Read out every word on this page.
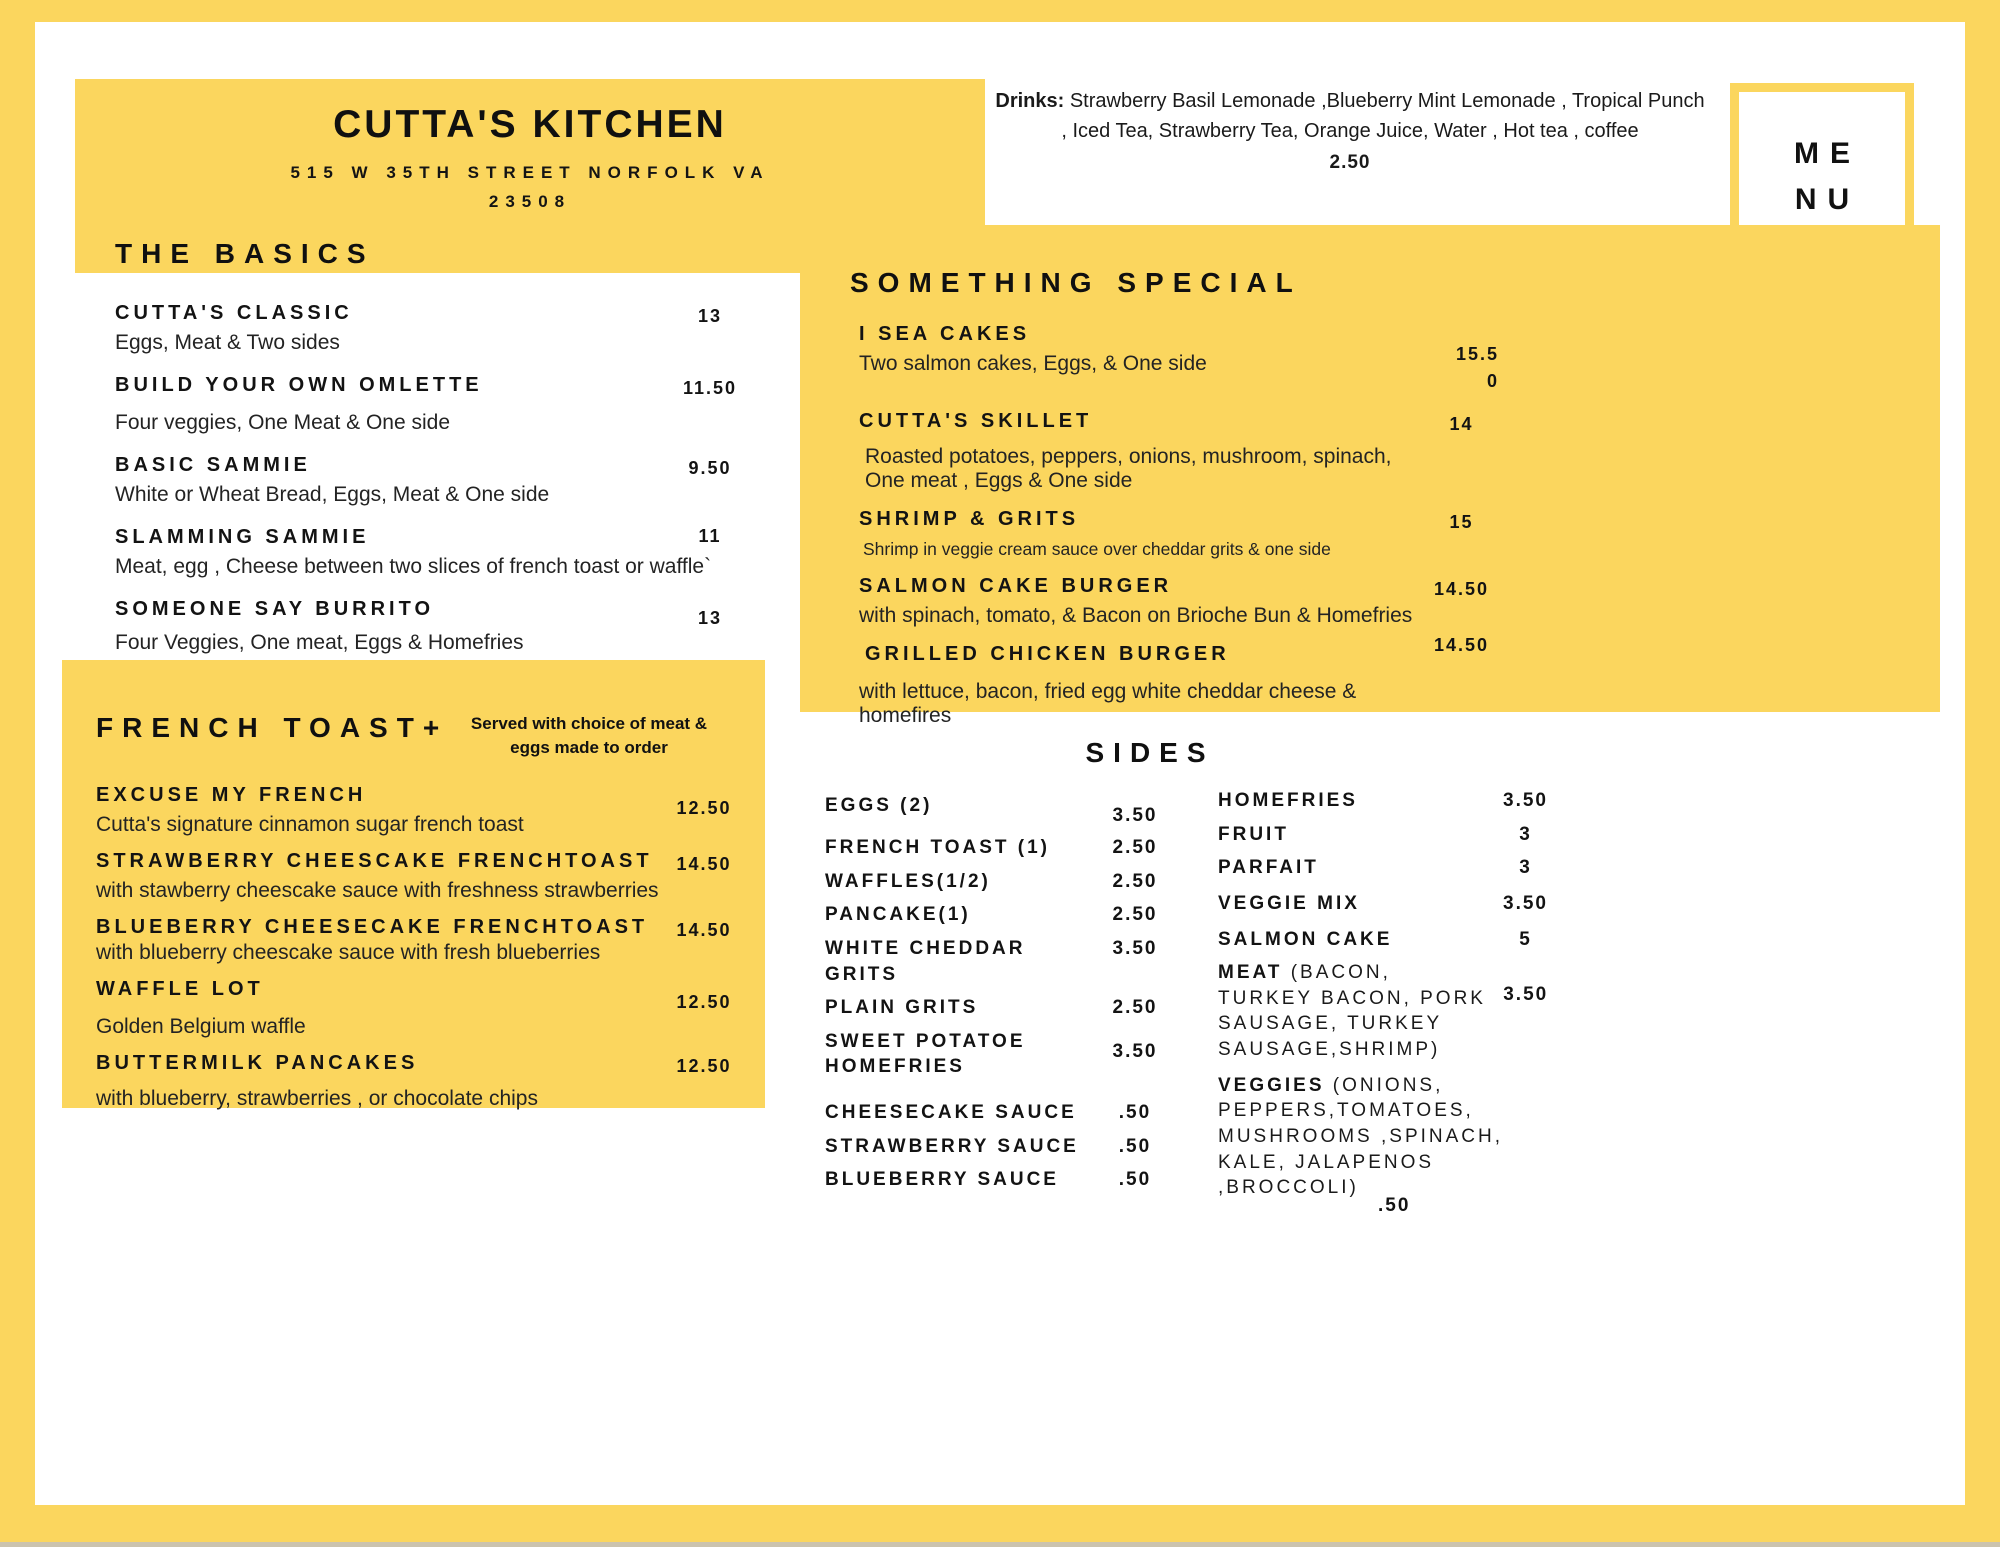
CUTTA'S KITCHEN
515 W 35TH STREET NORFOLK VA
23508
Drinks: Strawberry Basil Lemonade ,Blueberry Mint Lemonade , Tropical Punch , Iced Tea, Strawberry Tea, Orange Juice, Water , Hot tea , coffee
2.50	ME
NU
THE BASICS
CUTTA'S CLASSIC
Eggs, Meat & Two sides
13
BUILD YOUR OWN OMLETTE
Four veggies, One Meat & One side
11.50
BASIC SAMMIE
White or Wheat Bread, Eggs, Meat & One side
9.50
SLAMMING SAMMIE
Meat, egg , Cheese between two slices of french toast or waffle`
11
SOMEONE SAY BURRITO
Four Veggies, One meat, Eggs & Homefries
13
SOMETHING SPECIAL
I SEA CAKES
Two salmon cakes, Eggs, & One side	15.50
CUTTA'S SKILLET
Roasted potatoes, peppers, onions, mushroom, spinach, One meat , Eggs & One side
14
SHRIMP & GRITS
Shrimp in veggie cream sauce over cheddar grits & one side
15
SALMON CAKE BURGER
with spinach, tomato, & Bacon on Brioche Bun & Homefries
14.50
GRILLED CHICKEN BURGER
with lettuce, bacon, fried egg white cheddar cheese & homefires
14.50
FRENCH TOAST+	Served with choice of meat & eggs made to order
EXCUSE MY FRENCH
Cutta's signature cinnamon sugar french toast
12.50
STRAWBERRY CHEESCAKE FRENCHTOAST
with stawberry cheescake sauce with freshness strawberries
14.50
BLUEBERRY CHEESECAKE FRENCHTOAST
with blueberry cheescake sauce with fresh blueberries
14.50
WAFFLE LOT
Golden Belgium waffle
12.50
BUTTERMILK PANCAKES
with blueberry, strawberries , or chocolate chips
12.50
SIDES
EGGS (2)	3.50
FRENCH TOAST (1)	2.50
WAFFLES(1/2)	2.50
PANCAKE(1)	2.50
WHITE CHEDDAR GRITS
3.50
PLAIN GRITS	2.50
SWEET POTATOE HOMEFRIES
3.50
CHEESECAKE SAUCE	.50
STRAWBERRY SAUCE	.50
BLUEBERRY SAUCE	.50
HOMEFRIES	3.50
FRUIT	3
PARFAIT	3
VEGGIE MIX	3.50
SALMON CAKE	5
MEAT (BACON, TURKEY BACON, PORK SAUSAGE, TURKEY SAUSAGE,SHRIMP)
3.50
VEGGIES (ONIONS, PEPPERS,TOMATOES, MUSHROOMS ,SPINACH, KALE, JALAPENOS ,BROCCOLI)
.50
